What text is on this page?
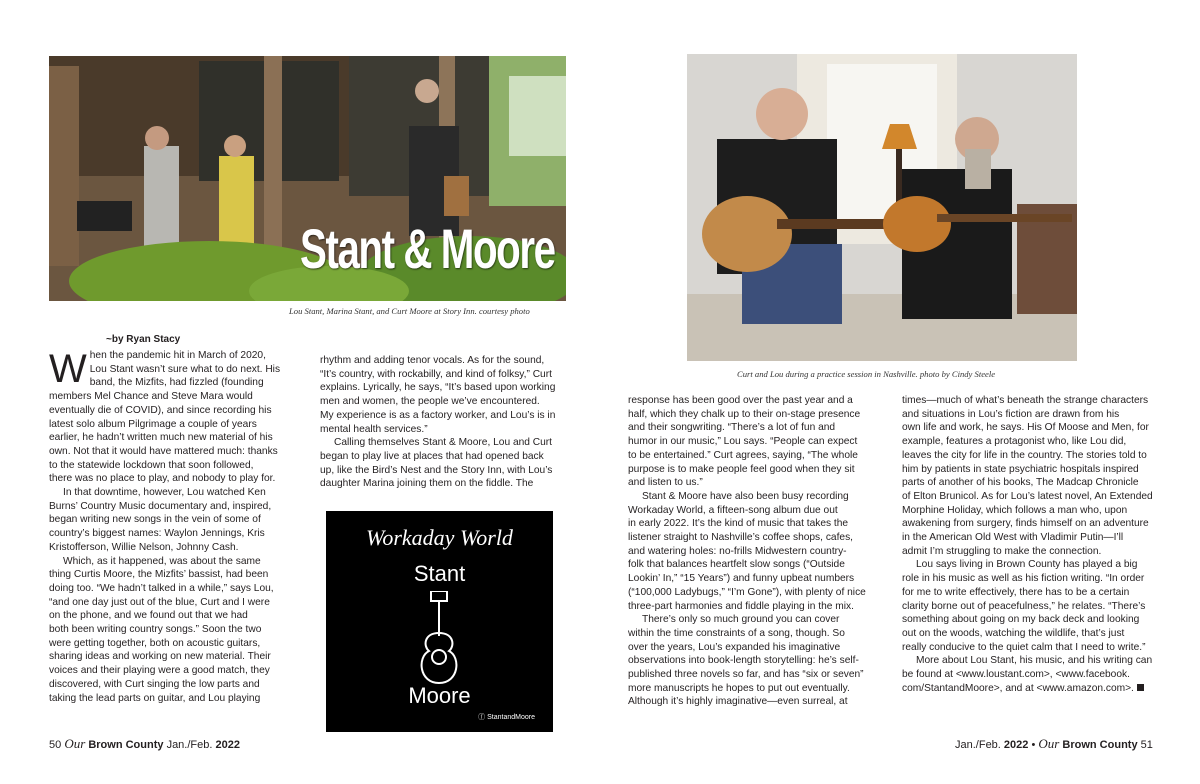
Stant & Moore
Lou Stant, Marina Stant, and Curt Moore at Story Inn. courtesy photo
Curt and Lou during a practice session in Nashville. photo by Cindy Steele
~by Ryan Stacy
W hen the pandemic hit in March of 2020,
Lou Stant wasn’t sure what to do next. His
band, the Mizfits, had fizzled (founding
members Mel Chance and Steve Mara would
eventually die of COVID), and since recording his
latest solo album Pilgrimage a couple of years
earlier, he hadn’t written much new material of his
own. Not that it would have mattered much: thanks
to the statewide lockdown that soon followed,
there was no place to play, and nobody to play for.
In that downtime, however, Lou watched Ken
Burns’ Country Music documentary and, inspired,
began writing new songs in the vein of some of
country’s biggest names: Waylon Jennings, Kris
Kristofferson, Willie Nelson, Johnny Cash.
Which, as it happened, was about the same
thing Curtis Moore, the Mizfits’ bassist, had been
doing too. “We hadn’t talked in a while,” says Lou,
“and one day just out of the blue, Curt and I were
on the phone, and we found out that we had
both been writing country songs.” Soon the two
were getting together, both on acoustic guitars,
sharing ideas and working on new material. Their
voices and their playing were a good match, they
discovered, with Curt singing the low parts and
taking the lead parts on guitar, and Lou playing
rhythm and adding tenor vocals. As for the sound,
“It’s country, with rockabilly, and kind of folksy,” Curt
explains. Lyrically, he says, “It’s based upon working
men and women, the people we’ve encountered.
My experience is as a factory worker, and Lou’s is in
mental health services.”
Calling themselves Stant & Moore, Lou and Curt
began to play live at places that had opened back
up, like the Bird’s Nest and the Story Inn, with Lou’s
daughter Marina joining them on the fiddle. The
Workaday World
Stant
Moore
ⓕ StantandMoore
response has been good over the past year and a
half, which they chalk up to their on-stage presence
and their songwriting. “There’s a lot of fun and
humor in our music,” Lou says. “People can expect
to be entertained.” Curt agrees, saying, “The whole
purpose is to make people feel good when they sit
and listen to us.”
Stant & Moore have also been busy recording
Workaday World, a fifteen-song album due out
in early 2022. It’s the kind of music that takes the
listener straight to Nashville’s coffee shops, cafes,
and watering holes: no-frills Midwestern country-
folk that balances heartfelt slow songs (“Outside
Lookin’ In,” “15 Years”) and funny upbeat numbers
(“100,000 Ladybugs,” “I’m Gone”), with plenty of nice
three-part harmonies and fiddle playing in the mix.
There’s only so much ground you can cover
within the time constraints of a song, though. So
over the years, Lou’s expanded his imaginative
observations into book-length storytelling: he’s self-
published three novels so far, and has “six or seven”
more manuscripts he hopes to put out eventually.
Although it’s highly imaginative—even surreal, at
times—much of what’s beneath the strange characters
and situations in Lou’s fiction are drawn from his
own life and work, he says. His Of Moose and Men, for
example, features a protagonist who, like Lou did,
leaves the city for life in the country. The stories told to
him by patients in state psychiatric hospitals inspired
parts of another of his books, The Madcap Chronicle
of Elton Brunicol. As for Lou’s latest novel, An Extended
Morphine Holiday, which follows a man who, upon
awakening from surgery, finds himself on an adventure
in the American Old West with Vladimir Putin—I’ll
admit I’m struggling to make the connection.
Lou says living in Brown County has played a big
role in his music as well as his fiction writing. “In order
for me to write effectively, there has to be a certain
clarity borne out of peacefulness,” he relates. “There’s
something about going on my back deck and looking
out on the woods, watching the wildlife, that’s just
really conducive to the quiet calm that I need to write.”
More about Lou Stant, his music, and his writing can
be found at <www.loustant.com>, <www.facebook.
com/StantandMoore>, and at <www.amazon.com>.
50 Our Brown County Jan./Feb. 2022	Jan./Feb. 2022 • Our Brown County 51
